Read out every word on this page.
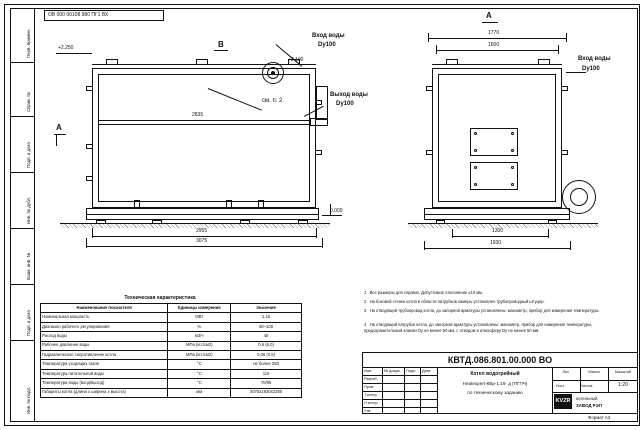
Перв. примен.
Справ. №
Подп. и дата
Инв. № дубл.
Взам. инв. №
Подп. и дата
Инв. № подл.
ОВ 000 00108 980 ПГ1 ВХ
Вход воды
Dy100
Выход воды
Dy100
см. п. 2
B
A
+2.250
+2.100
0.000
2835
2955
3075
A
Вход воды
Dy100
1770
1600
1300
1930
1   Все размеры для справок. Допустимое отклонение ±10 мм.
2   На боковой стенке котла в области патрубков камеры установлен трубопроводный штуцер.
3   На отводящий трубопровод котла, до запорной арматуры установлены: манометр, прибор для измерения температуры.
4   На отводящий патрубок котла, до запорной арматуры установлены: манометр, прибор для измерения температуры, предохранительный клапан Dy не менее 50 мм, с отводом в атмосферу Dy не менее 50 мм.
Техническая характеристика
Наименование показателя	Единицы измерения	Значение
Номинальная мощность	МВт	1,16
Диапазон рабочего регулирования	%	50–100
Расход воды	м3/ч	40
Рабочее давление воды	МПа (кгс/см2)	0,6 (6,0)
Гидравлическое сопротивление котла	МПа (кгс/см2)	0,06 (0,6)
Температура уходящих газов	°С	не более 250
Температура питательной воды	°С	115
Температура воды (вход/выход)	°С	70/95
Габариты котла (длина х ширина х высота)	мм	3075х1930х2250
КВТД.086.801.00.000 ВО
Изм.	№ докум. Подп. Дата
Разраб.
Пров.
Т.контр.
Н.контр.
Утв.
Котел водогрейный
Heatexpert-КВр-1,16- д (ПГПЧ)
по техническому заданию
Лит.	Масса	Масштаб
1:20
Лист	Листов
KVZR	котельный
ЗАВОД РЭП
Формат A3
